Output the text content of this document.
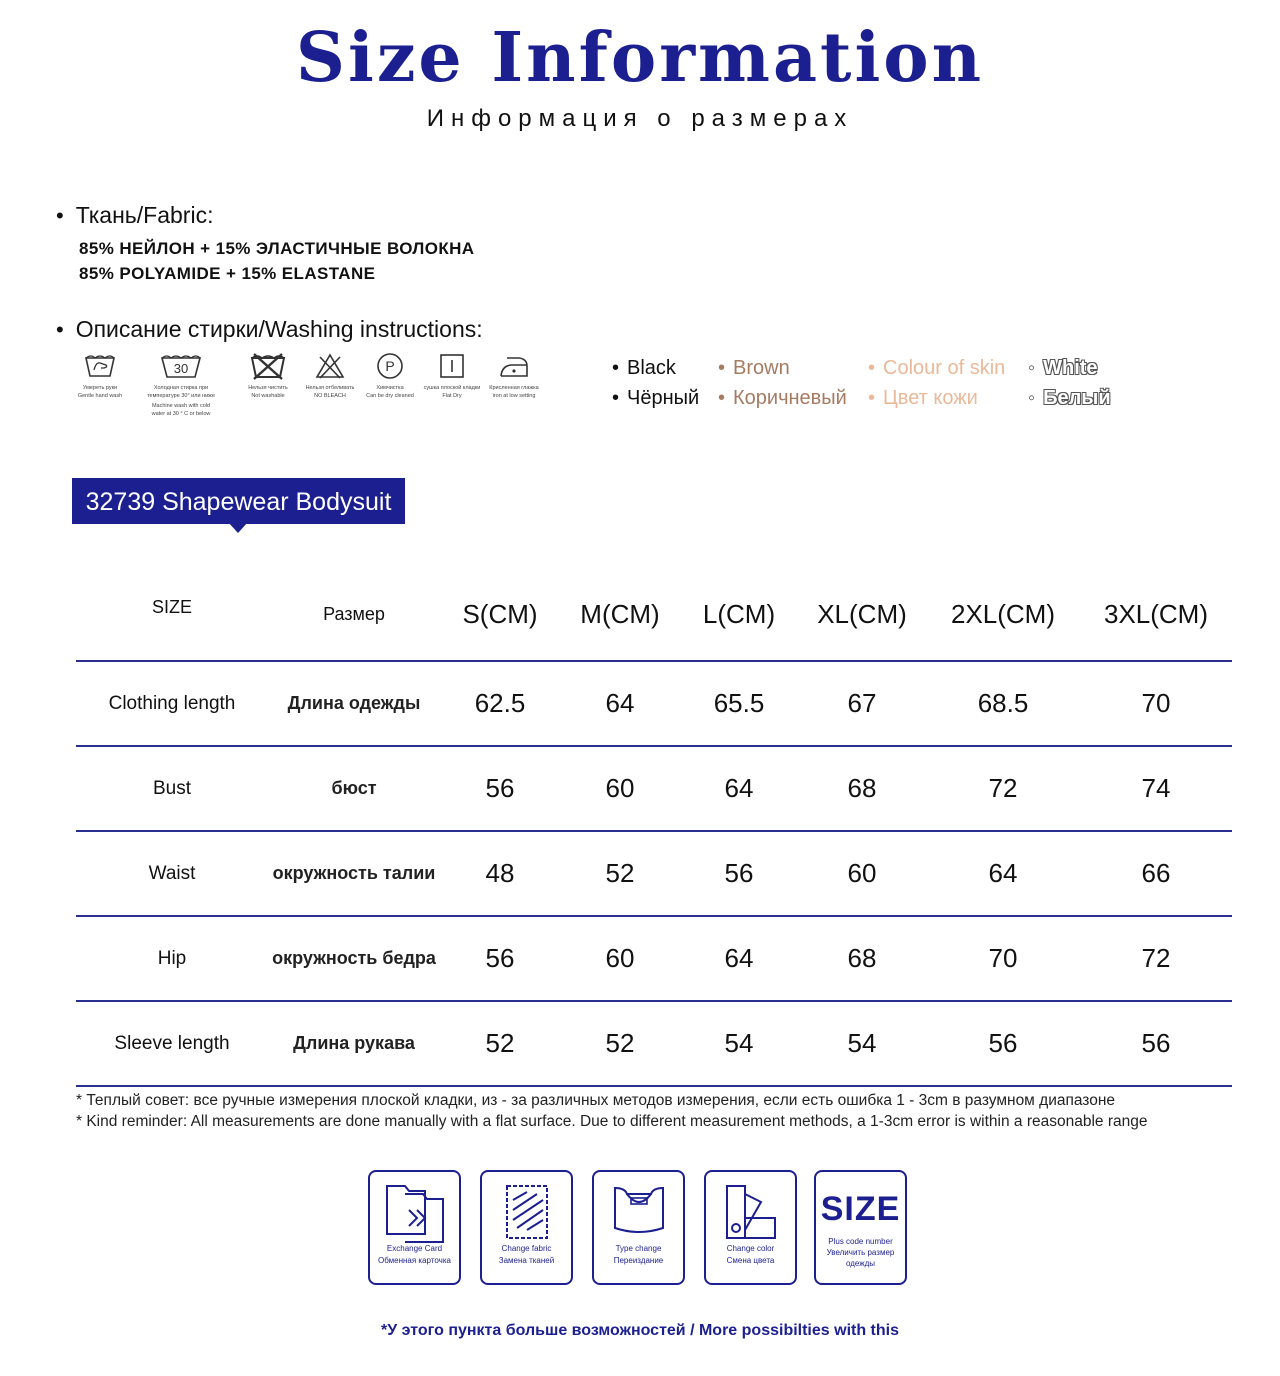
Size Information
Информация о размерах
• Ткань/Fabric:
85% НЕЙЛОН + 15% ЭЛАСТИЧНЫЕ ВОЛОКНА
85% POLYAMIDE + 15% ELASTANE
• Описание стирки/Washing instructions:
Умереть руки
Gentle hand wash
30
Холодная стирка при температуре 30° или ниже
Machine wash with cold water at 30 ° C or below
Нельзя чистить
Not washable
Нельзя отбеливать
NO BLEACH
P
Химчистка
Can be dry cleaned
сушка плоской кладки
Flat Dry
Крисленная глажка
iron at low setting
• Black
• Чёрный
• Brown
• Коричневый
• Colour of skin
• Цвет кожи
◦ White
◦ Белый
32739 Shapewear Bodysuit
SIZE	Размер	S(CM)	M(CM)	L(CM)	XL(CM)	2XL(CM)	3XL(CM)
Clothing length	Длина одежды	62.5	64	65.5	67	68.5	70
Bust	бюст	56	60	64	68	72	74
Waist	окружность талии	48	52	56	60	64	66
Hip	окружность бедра	56	60	64	68	70	72
Sleeve length	Длина рукава	52	52	54	54	56	56
* Теплый совет: все ручные измерения плоской кладки, из - за различных методов измерения, если есть ошибка 1 - 3cm в разумном диапазоне
* Kind reminder: All measurements are done manually with a flat surface. Due to different measurement methods, a 1-3cm error is within a reasonable range
Exchange Card
Обменная карточка
Change fabric
Замена тканей
Type change
Переиздание
Change color
Смена цвета
SIZE
Plus code number
Увеличить размер одежды
*У этого пункта больше возможностей / More possibilties with this
